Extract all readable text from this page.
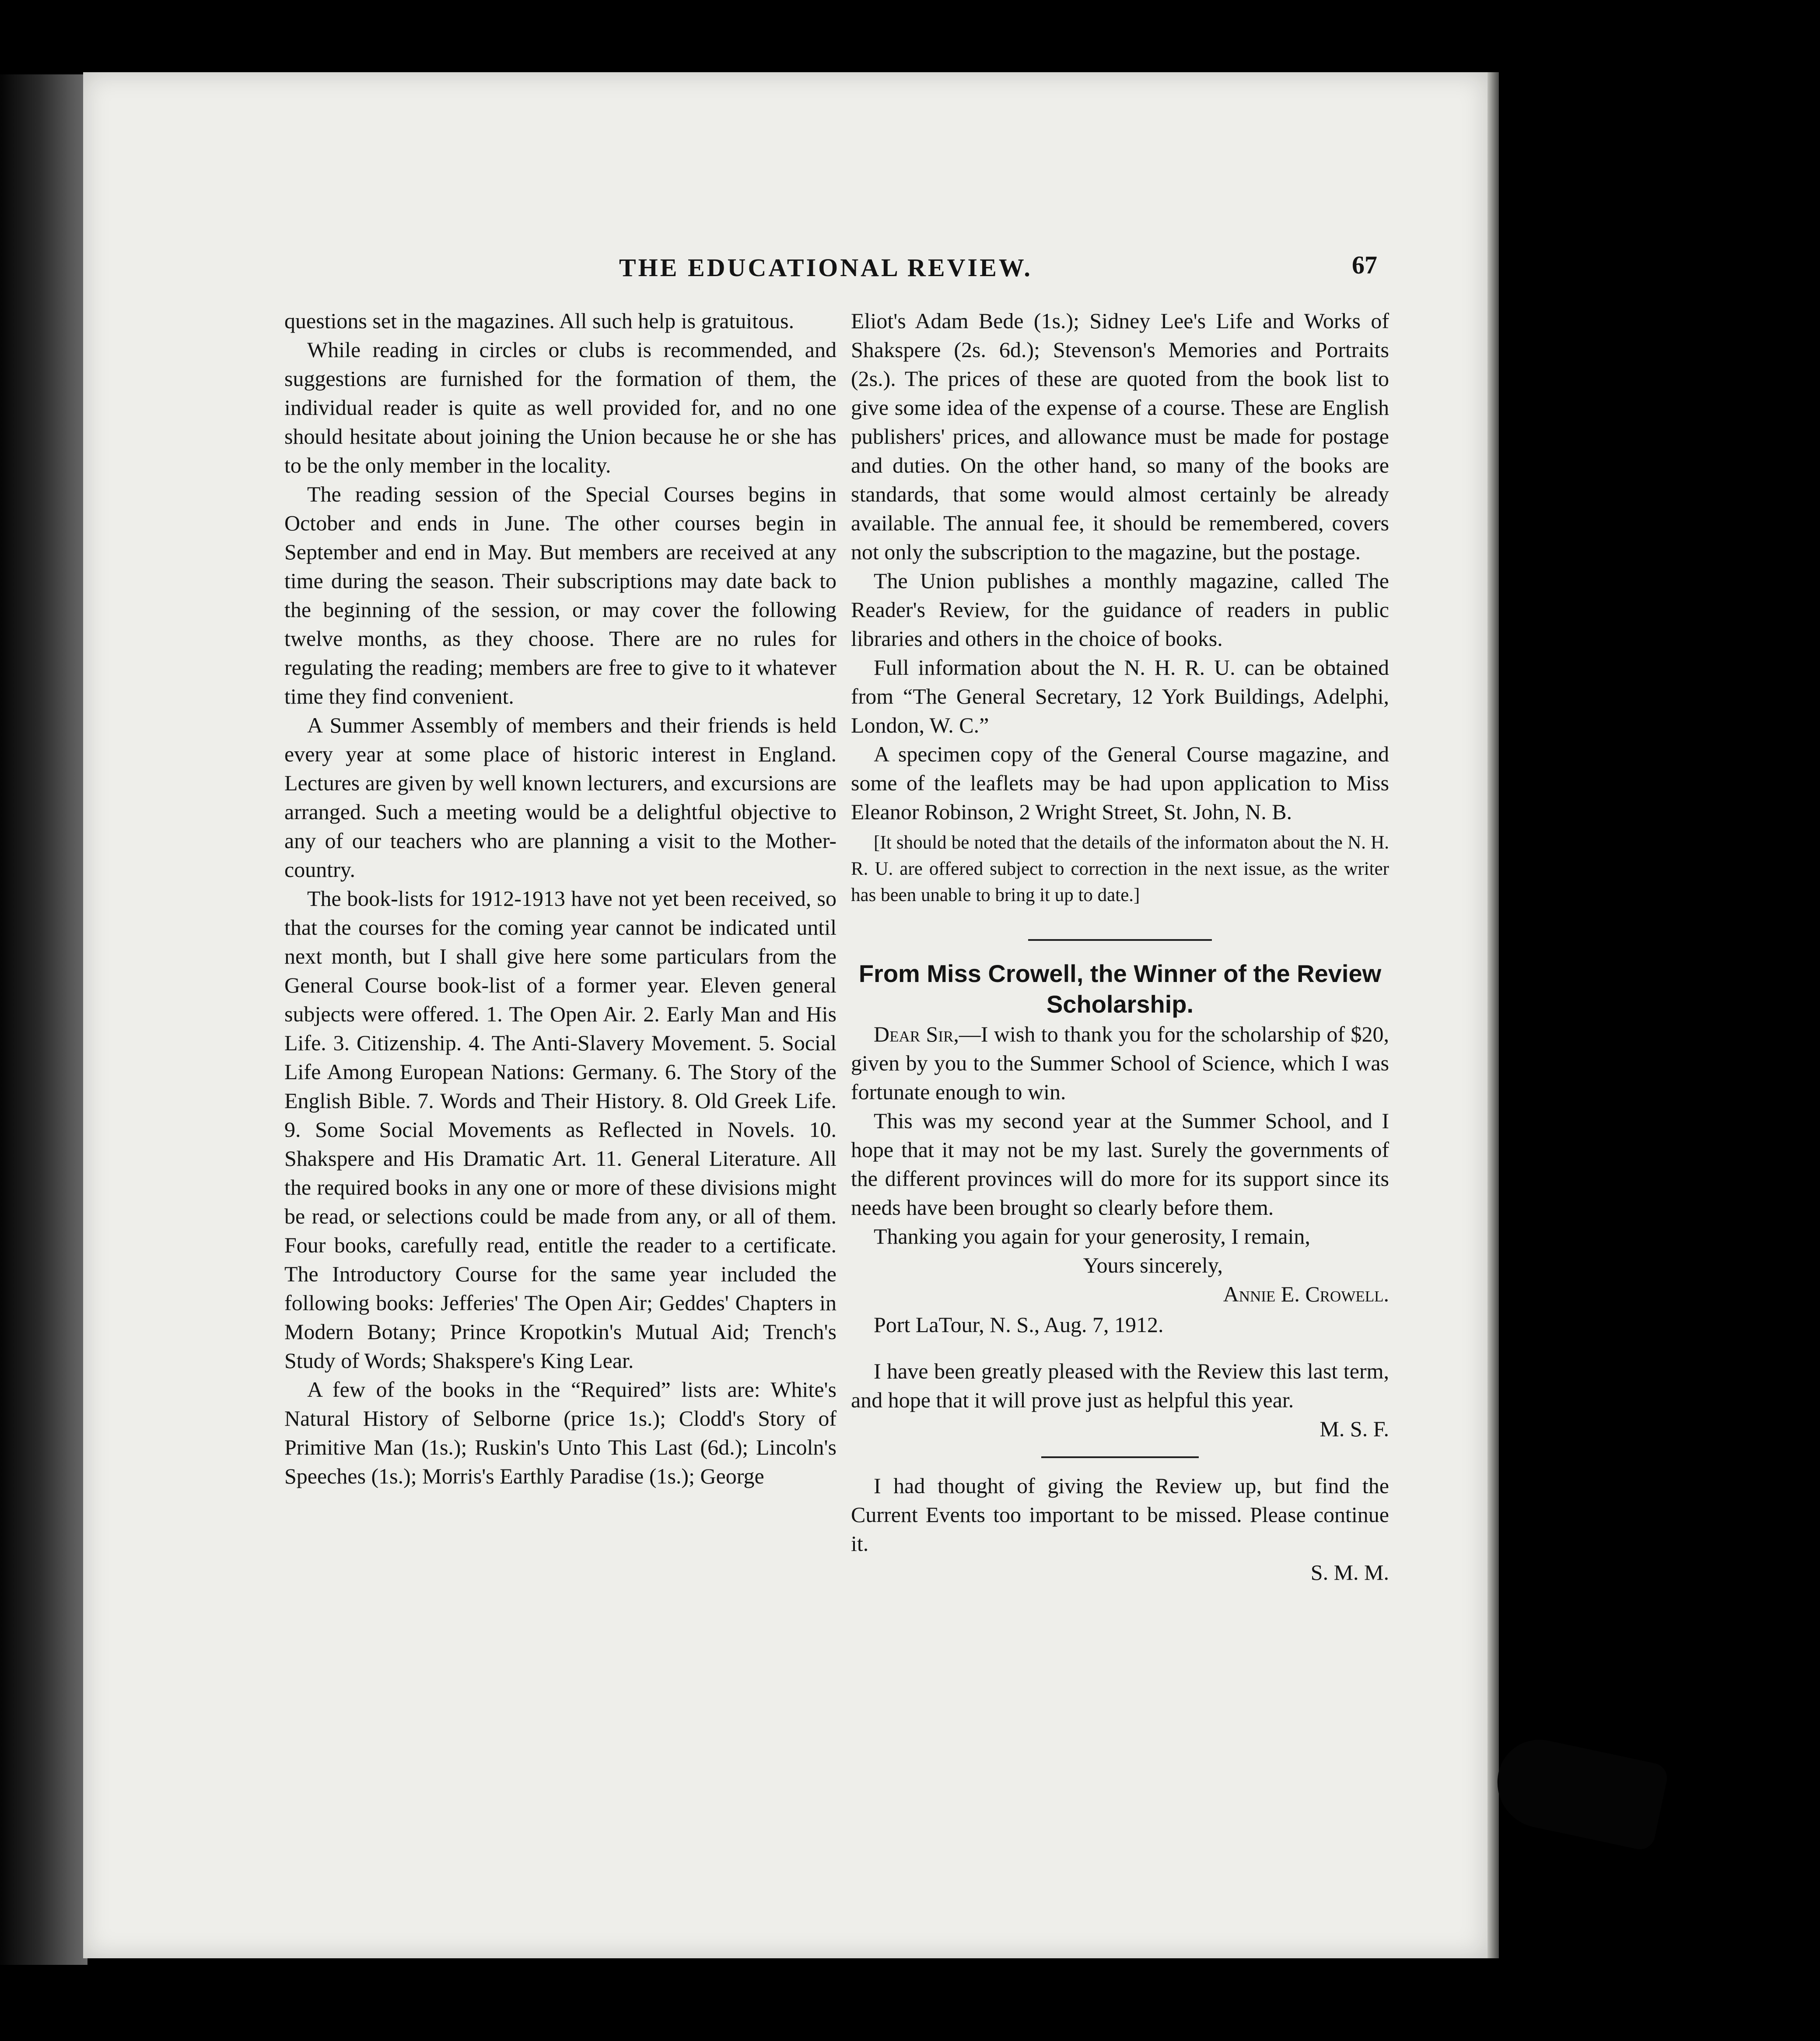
THE EDUCATIONAL REVIEW.	67

questions set in the magazines. All such help is gratuitous.

While reading in circles or clubs is recommended, and suggestions are furnished for the formation of them, the individual reader is quite as well provided for, and no one should hesitate about joining the Union because he or she has to be the only member in the locality.

The reading session of the Special Courses begins in October and ends in June. The other courses begin in September and end in May. But members are received at any time during the season. Their subscriptions may date back to the beginning of the session, or may cover the following twelve months, as they choose. There are no rules for regulating the reading; members are free to give to it whatever time they find convenient.

A Summer Assembly of members and their friends is held every year at some place of historic interest in England. Lectures are given by well known lecturers, and excursions are arranged. Such a meeting would be a delightful objective to any of our teachers who are planning a visit to the Mother-country.

The book-lists for 1912-1913 have not yet been received, so that the courses for the coming year cannot be indicated until next month, but I shall give here some particulars from the General Course book-list of a former year. Eleven general subjects were offered. 1. The Open Air. 2. Early Man and His Life. 3. Citizenship. 4. The Anti-Slavery Movement. 5. Social Life Among European Nations: Germany. 6. The Story of the English Bible. 7. Words and Their History. 8. Old Greek Life. 9. Some Social Movements as Reflected in Novels. 10. Shakspere and His Dramatic Art. 11. General Literature. All the required books in any one or more of these divisions might be read, or selections could be made from any, or all of them. Four books, carefully read, entitle the reader to a certificate. The Introductory Course for the same year included the following books: Jefferies' The Open Air; Geddes' Chapters in Modern Botany; Prince Kropotkin's Mutual Aid; Trench's Study of Words; Shakspere's King Lear.

A few of the books in the “Required” lists are: White's Natural History of Selborne (price 1s.); Clodd's Story of Primitive Man (1s.); Ruskin's Unto This Last (6d.); Lincoln's Speeches (1s.); Morris's Earthly Paradise (1s.); George

Eliot's Adam Bede (1s.); Sidney Lee's Life and Works of Shakspere (2s. 6d.); Stevenson's Memories and Portraits (2s.). The prices of these are quoted from the book list to give some idea of the expense of a course. These are English publishers' prices, and allowance must be made for postage and duties. On the other hand, so many of the books are standards, that some would almost certainly be already available. The annual fee, it should be remembered, covers not only the subscription to the magazine, but the postage.

The Union publishes a monthly magazine, called The Reader's Review, for the guidance of readers in public libraries and others in the choice of books.

Full information about the N. H. R. U. can be obtained from “The General Secretary, 12 York Buildings, Adelphi, London, W. C.”

A specimen copy of the General Course magazine, and some of the leaflets may be had upon application to Miss Eleanor Robinson, 2 Wright Street, St. John, N. B.

[It should be noted that the details of the informaton about the N. H. R. U. are offered subject to correction in the next issue, as the writer has been unable to bring it up to date.]

From Miss Crowell, the Winner of the Review Scholarship.

Dear Sir,—I wish to thank you for the scholarship of $20, given by you to the Summer School of Science, which I was fortunate enough to win.

This was my second year at the Summer School, and I hope that it may not be my last. Surely the governments of the different provinces will do more for its support since its needs have been brought so clearly before them.

Thanking you again for your generosity, I remain,

Yours sincerely,

Annie E. Crowell.

Port LaTour, N. S., Aug. 7, 1912.

I have been greatly pleased with the Review this last term, and hope that it will prove just as helpful this year.

M. S. F.

I had thought of giving the Review up, but find the Current Events too important to be missed. Please continue it.

S. M. M.
